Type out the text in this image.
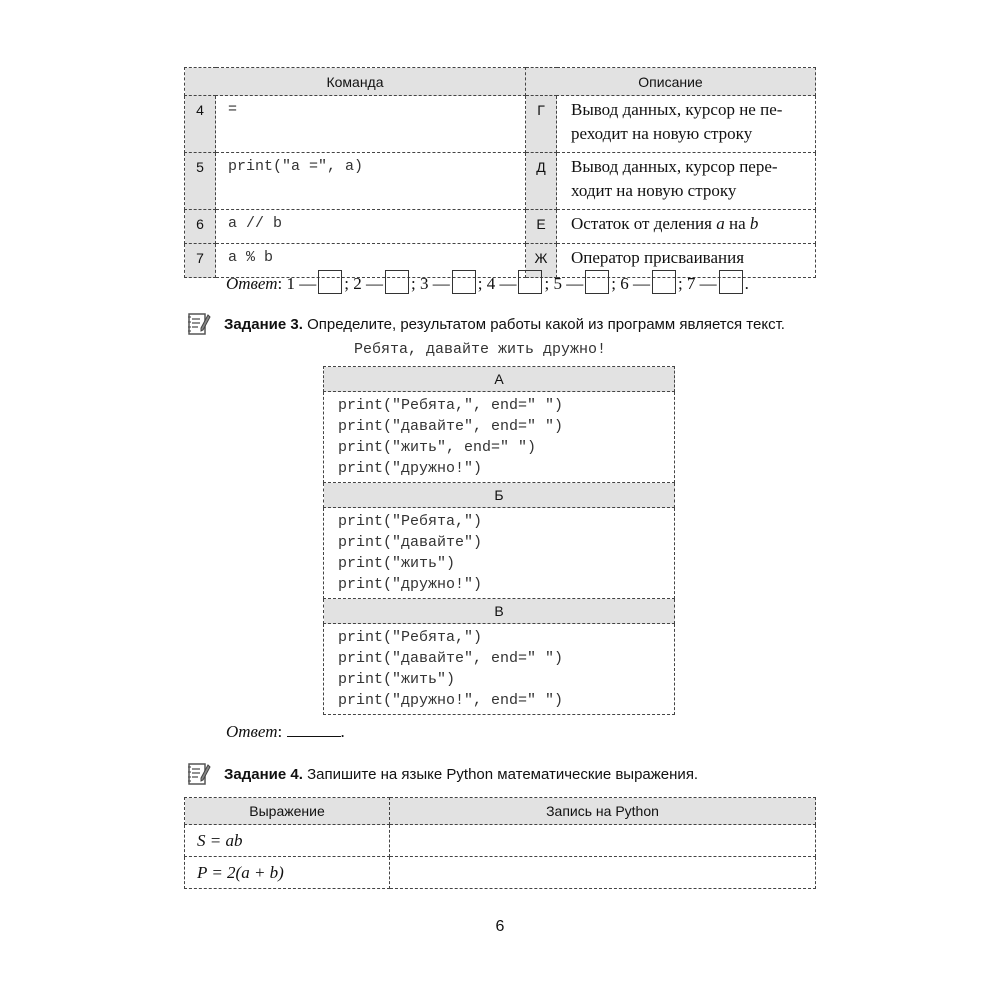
Команда		Описание	
4	=	Г	Вывод данных, курсор не пе-реходит на новую строку
5	print("a =", a)	Д	Вывод данных, курсор пере-ходит на новую строку
6	a // b	Е	Остаток от деления a на b
7	a % b	Ж	Оператор присваивания
Ответ: 1 — ; 2 — ; 3 — ; 4 — ; 5 — ; 6 — ; 7 — .
Задание 3. Определите, результатом работы какой из программ является текст.
Ребята, давайте жить дружно!
А

print("Ребята,", end=" ")
print("давайте", end=" ")
print("жить", end=" ")
print("дружно!")

Б

print("Ребята,")
print("давайте")
print("жить")
print("дружно!")

В

print("Ребята,")
print("давайте", end=" ")
print("жить")
print("дружно!", end=" ")
Ответ:	.
Задание 4. Запишите на языке Python математические выражения.
Выражение	Запись на Python
S = ab	
P = 2(a + b)	
6
